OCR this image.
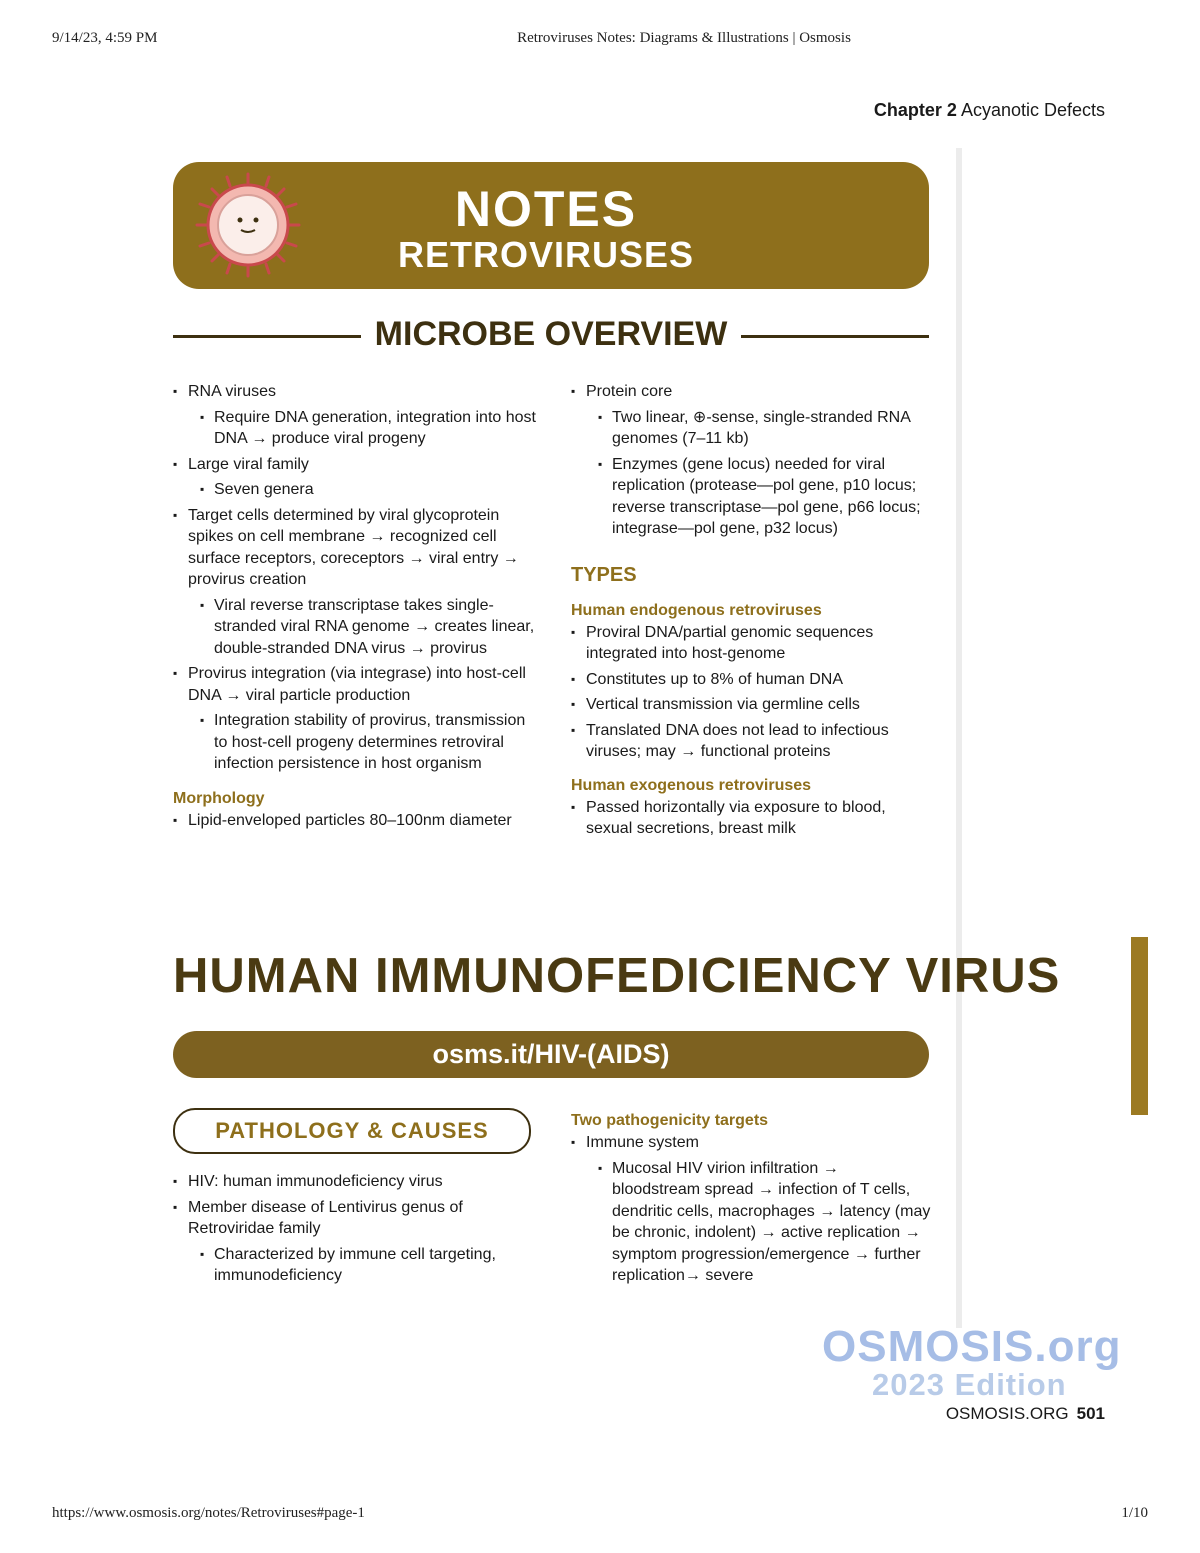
9/14/23, 4:59 PM	Retroviruses Notes: Diagrams & Illustrations | Osmosis
Chapter 2 Acyanotic Defects
NOTES
RETROVIRUSES
MICROBE OVERVIEW
▪ RNA viruses
▪ Require DNA generation, integration into host DNA → produce viral progeny
▪ Large viral family
▪ Seven genera
▪ Target cells determined by viral glycoprotein spikes on cell membrane → recognized cell surface receptors, coreceptors → viral entry → provirus creation
▪ Viral reverse transcriptase takes single-stranded viral RNA genome → creates linear, double-stranded DNA virus → provirus
▪ Provirus integration (via integrase) into host-cell DNA → viral particle production
▪ Integration stability of provirus, transmission to host-cell progeny determines retroviral infection persistence in host organism
Morphology
▪ Lipid-enveloped particles 80–100nm diameter
▪ Protein core
▪ Two linear, ⊕-sense, single-stranded RNA genomes (7–11 kb)
▪ Enzymes (gene locus) needed for viral replication (protease—pol gene, p10 locus; reverse transcriptase—pol gene, p66 locus; integrase—pol gene, p32 locus)
TYPES
Human endogenous retroviruses
▪ Proviral DNA/partial genomic sequences integrated into host-genome
▪ Constitutes up to 8% of human DNA
▪ Vertical transmission via germline cells
▪ Translated DNA does not lead to infectious viruses; may → functional proteins
Human exogenous retroviruses
▪ Passed horizontally via exposure to blood, sexual secretions, breast milk
HUMAN IMMUNOFEDICIENCY VIRUS
osms.it/HIV-(AIDS)
PATHOLOGY & CAUSES
▪ HIV: human immunodeficiency virus
▪ Member disease of Lentivirus genus of Retroviridae family
▪ Characterized by immune cell targeting, immunodeficiency
Two pathogenicity targets
▪ Immune system
▪ Mucosal HIV virion infiltration → bloodstream spread → infection of T cells, dendritic cells, macrophages → latency (may be chronic, indolent) → active replication → symptom progression/emergence → further replication→ severe
OSMOSIS.org
2023 Edition
OSMOSIS.ORG 501
https://www.osmosis.org/notes/Retroviruses#page-1	1/10
